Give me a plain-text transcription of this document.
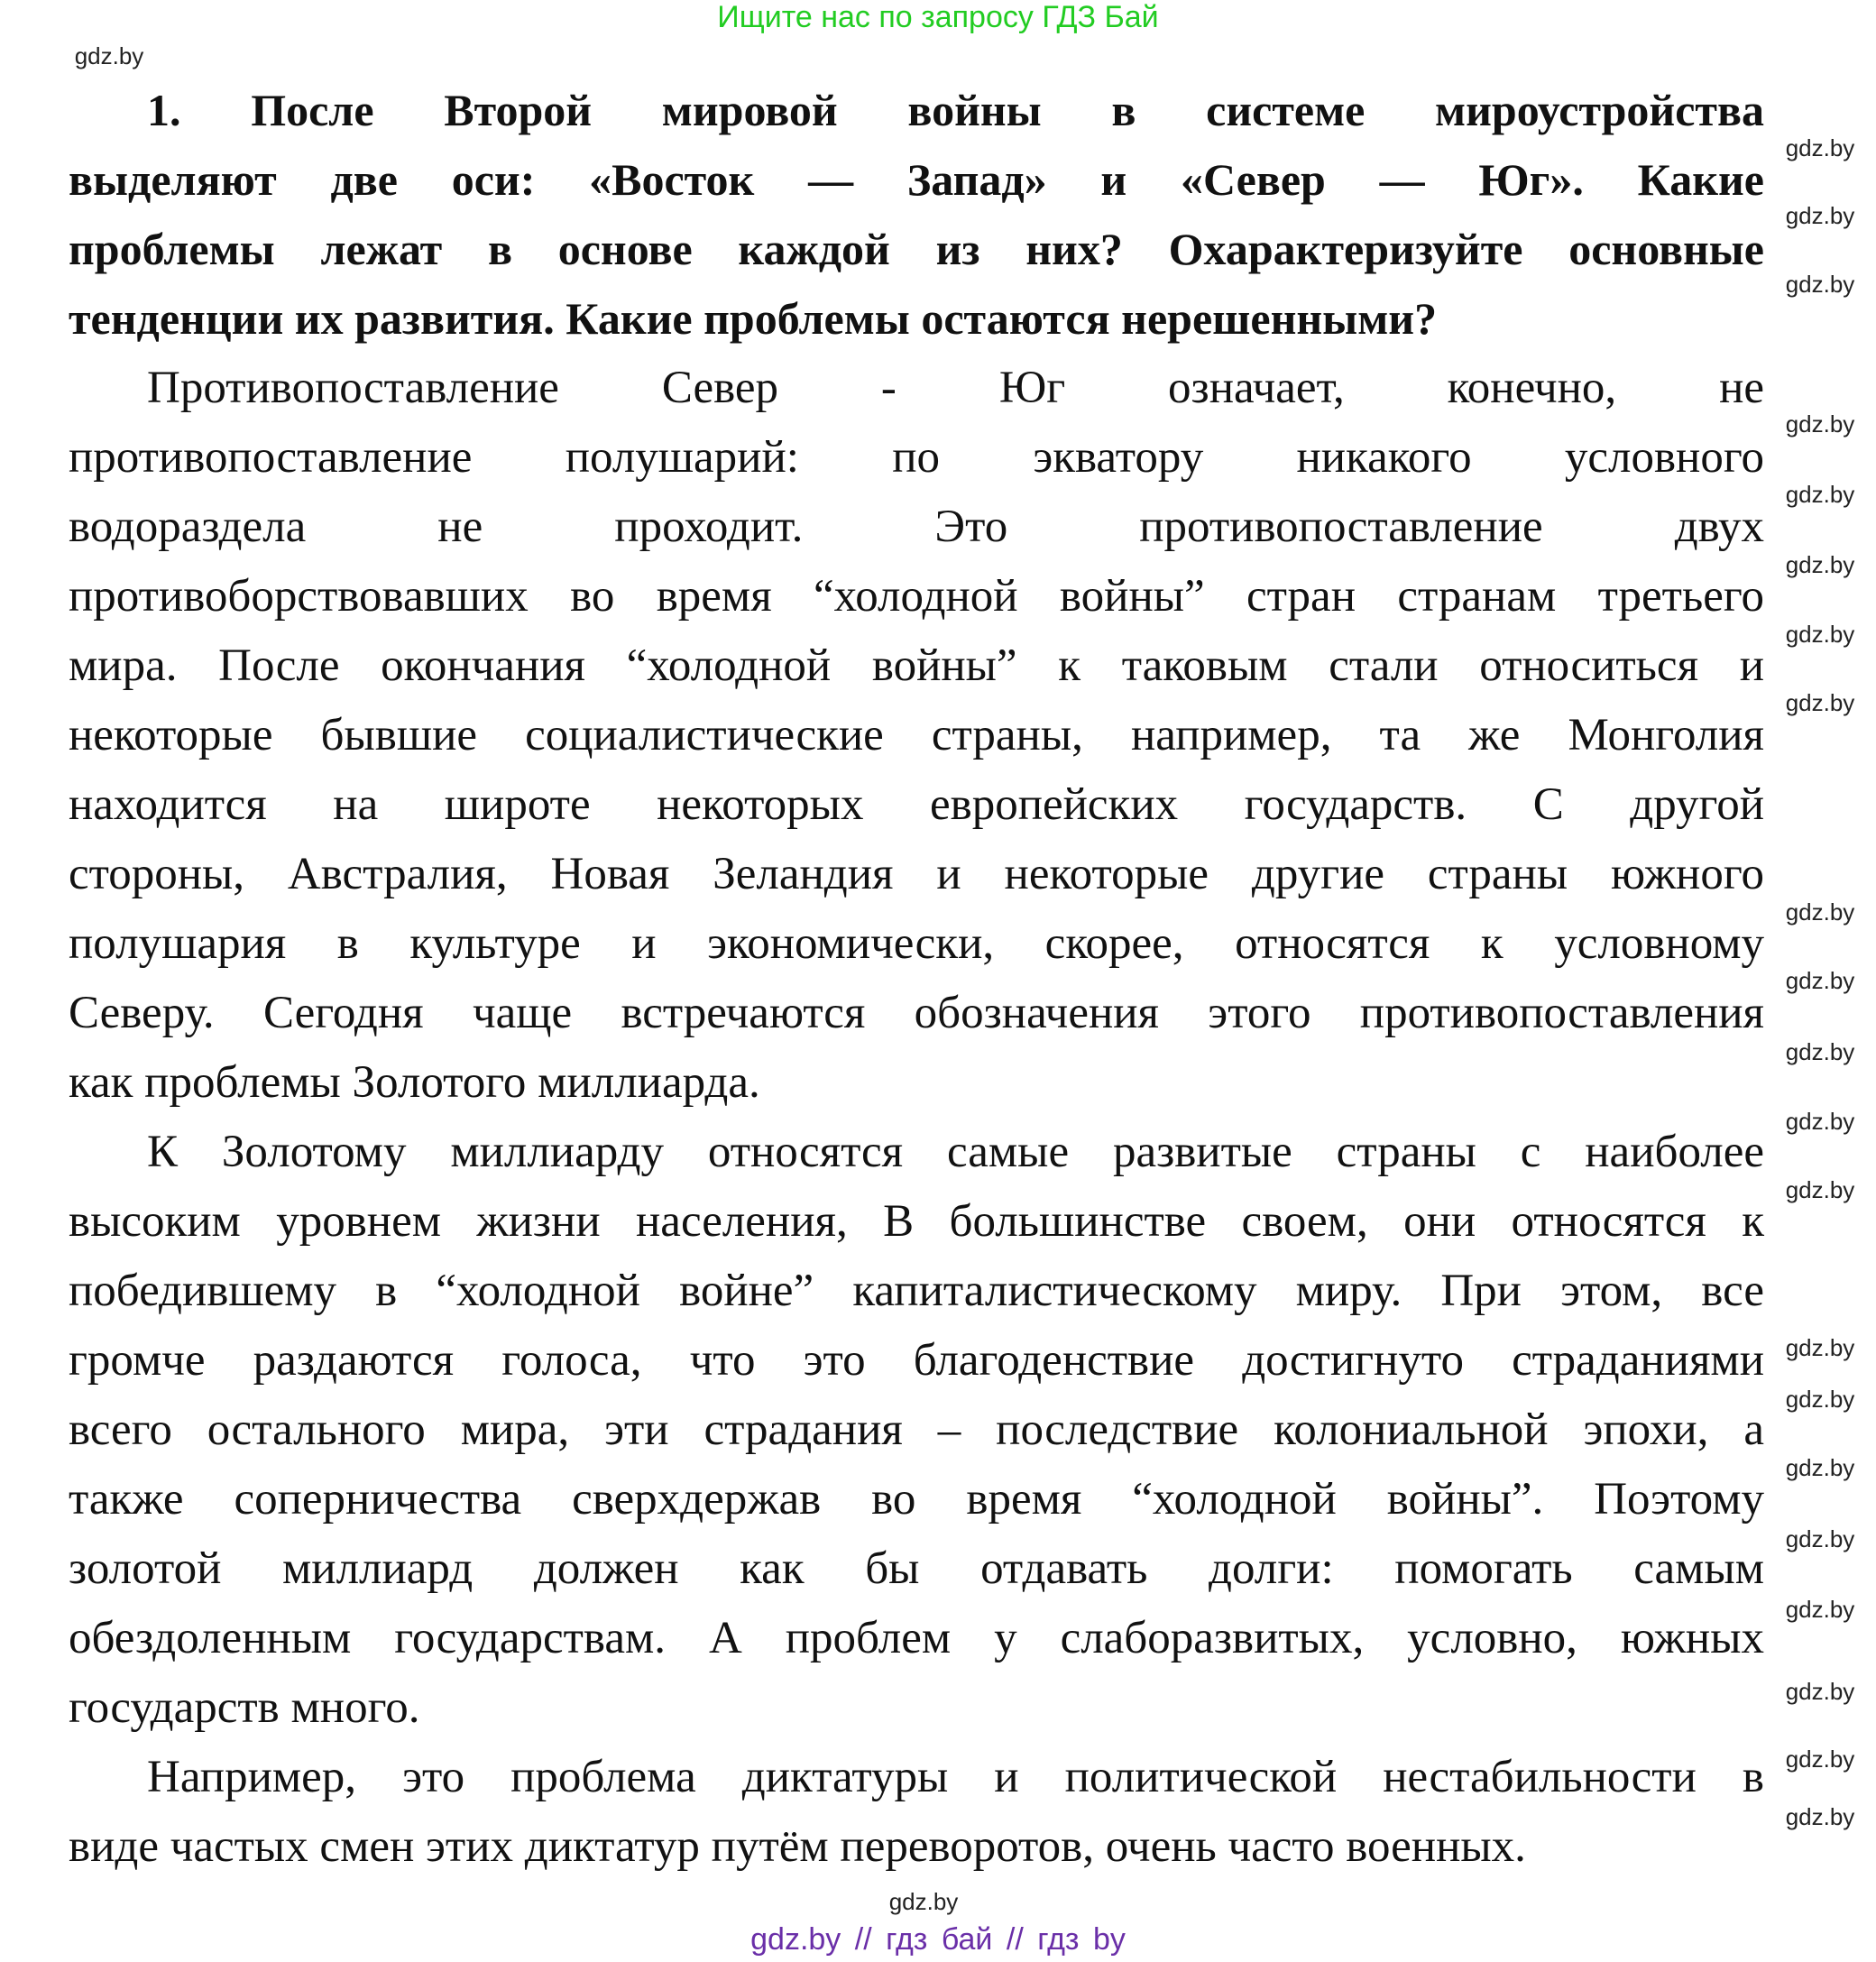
Ищите нас по запросу ГДЗ Бай
1. После Второй мировой войны в системе мироустройства
выделяют две оси: «Восток — Запад» и «Север — Юг». Какие
проблемы лежат в основе каждой из них? Охарактеризуйте основные
тенденции их развития. Какие проблемы остаются нерешенными?
Противопоставление Север - Юг означает, конечно, не
противопоставление полушарий: по экватору никакого условного
водораздела не проходит. Это противопоставление двух
противоборствовавших во время “холодной войны” стран странам третьего
мира. После окончания “холодной войны” к таковым стали относиться и
некоторые бывшие социалистические страны, например, та же Монголия
находится на широте некоторых европейских государств. С другой
стороны, Австралия, Новая Зеландия и некоторые другие страны южного
полушария в культуре и экономически, скорее, относятся к условному
Северу. Сегодня чаще встречаются обозначения этого противопоставления
как проблемы Золотого миллиарда.
К Золотому миллиарду относятся самые развитые страны с наиболее
высоким уровнем жизни населения, В большинстве своем, они относятся к
победившему в “холодной войне” капиталистическому миру. При этом, все
громче раздаются голоса, что это благоденствие достигнуто страданиями
всего остального мира, эти страдания – последствие колониальной эпохи, а
также соперничества сверхдержав во время “холодной войны”. Поэтому
золотой миллиард должен как бы отдавать долги: помогать самым
обездоленным государствам. А проблем у слаборазвитых, условно, южных
государств много.
Например, это проблема диктатуры и политической нестабильности в
виде частых смен этих диктатур путём переворотов, очень часто военных.
gdz.by
gdz.by
gdz.by
gdz.by
gdz.by
gdz.by
gdz.by
gdz.by
gdz.by
gdz.by
gdz.by
gdz.by
gdz.by
gdz.by
gdz.by
gdz.by
gdz.by
gdz.by
gdz.by
gdz.by
gdz.by
gdz.by
gdz.by
gdz.by // гдз бай // гдз by
